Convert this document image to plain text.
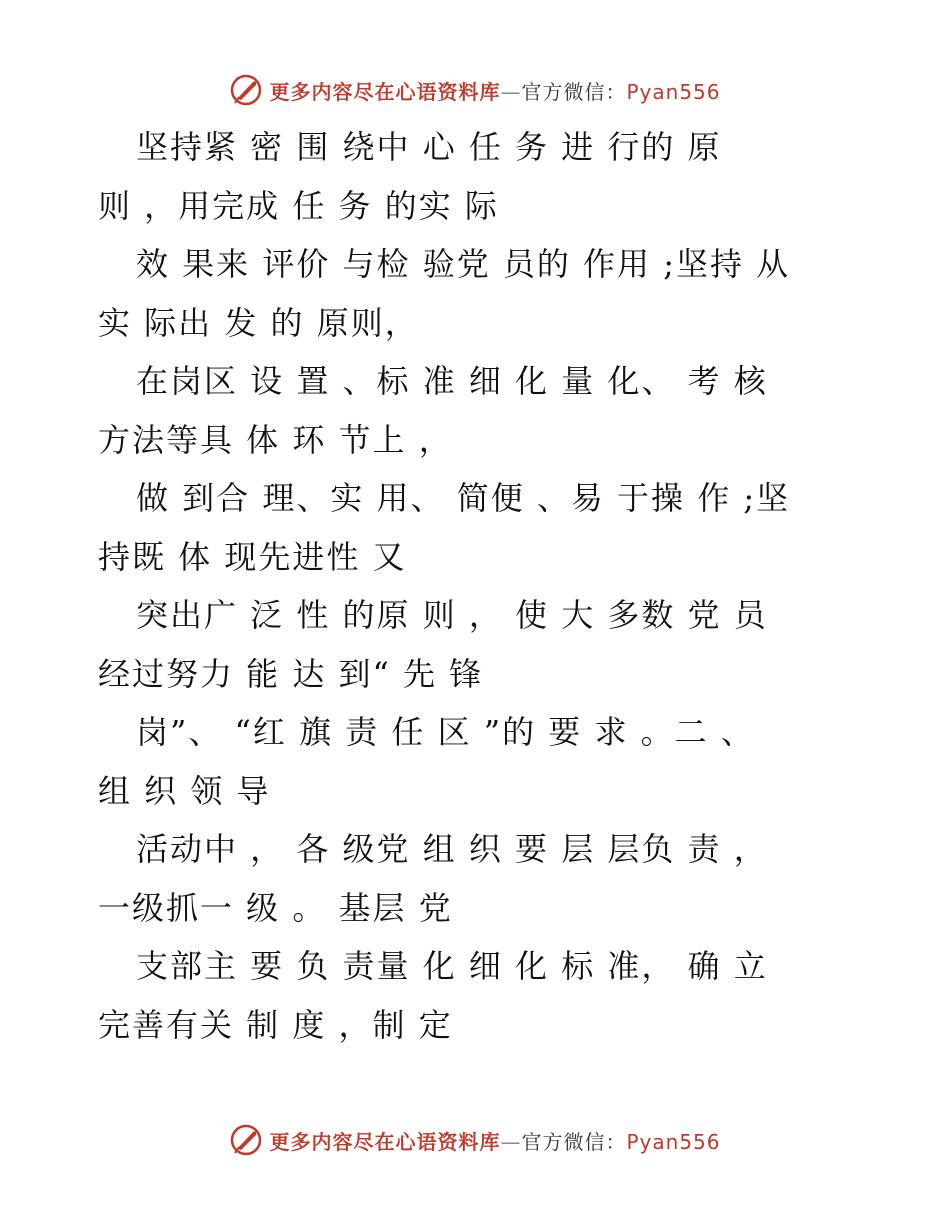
更多内容尽在心语资料库—官方微信：Pyan556
坚持紧 密 围 绕中 心 任 务 进 行的 原
则 ，用完成 任 务 的实 际
效 果来 评价 与检 验党 员的 作用 ;坚持 从
实 际出 发 的 原则，
在岗区 设 置 、标 准 细 化 量 化、 考 核
方法等具 体 环 节上 ，
做 到合 理、实 用、 简便 、易 于操 作 ;坚
持既 体 现先进性 又
突出广 泛 性 的原 则 ， 使 大 多数 党 员
经过努力 能 达 到“ 先 锋
岗”、 “红 旗 责 任 区 ”的 要 求 。二 、
组 织 领 导
活动中 ， 各 级党 组 织 要 层 层负 责 ，
一级抓一 级 。 基层 党
支部主 要 负 责量 化 细 化 标 准， 确 立
完善有关 制 度 ，制 定
更多内容尽在心语资料库—官方微信：Pyan556
